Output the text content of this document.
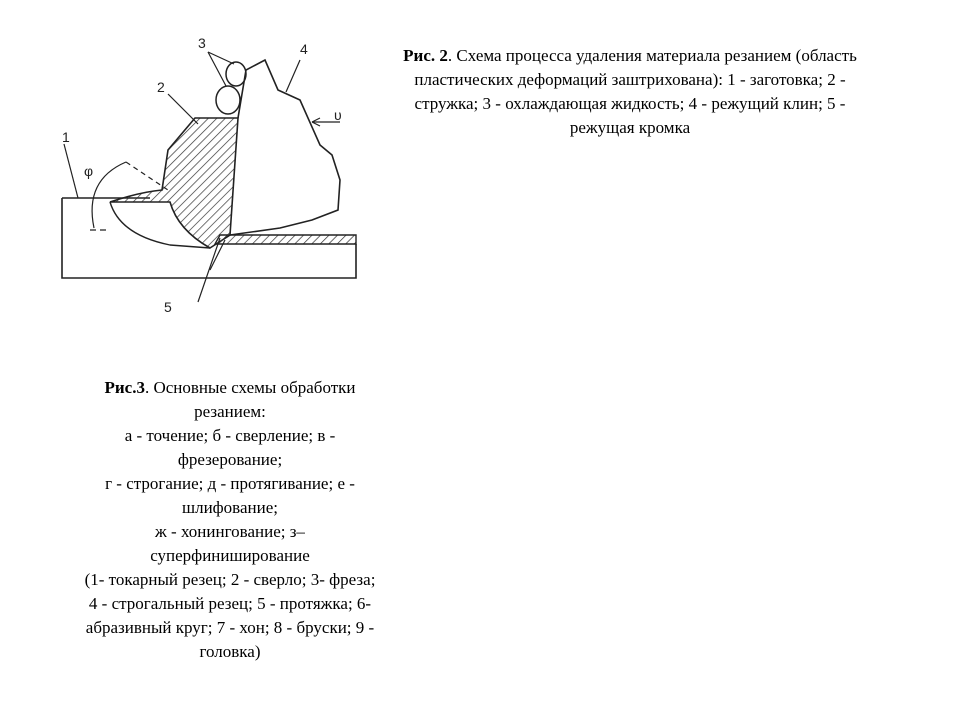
1
2
3	4
5
φ
υ
Рис. 2. Схема процесса удаления материала резанием (область
пластических деформаций заштрихована): 1 - заготовка; 2 -
стружка; 3 - охлаждающая жидкость; 4 - режущий клин; 5 -
режущая кромка
Рис.3. Основные схемы обработки
резанием:
а - точение; б - сверление; в -
фрезерование;
г - строгание; д - протягивание; е -
шлифование;
ж - хонингование; з–
суперфиниширование
(1- токарный резец; 2 - сверло; 3- фреза;
4 - строгальный резец; 5 - протяжка; 6-
абразивный круг; 7 - хон; 8 - бруски; 9 -
головка)
